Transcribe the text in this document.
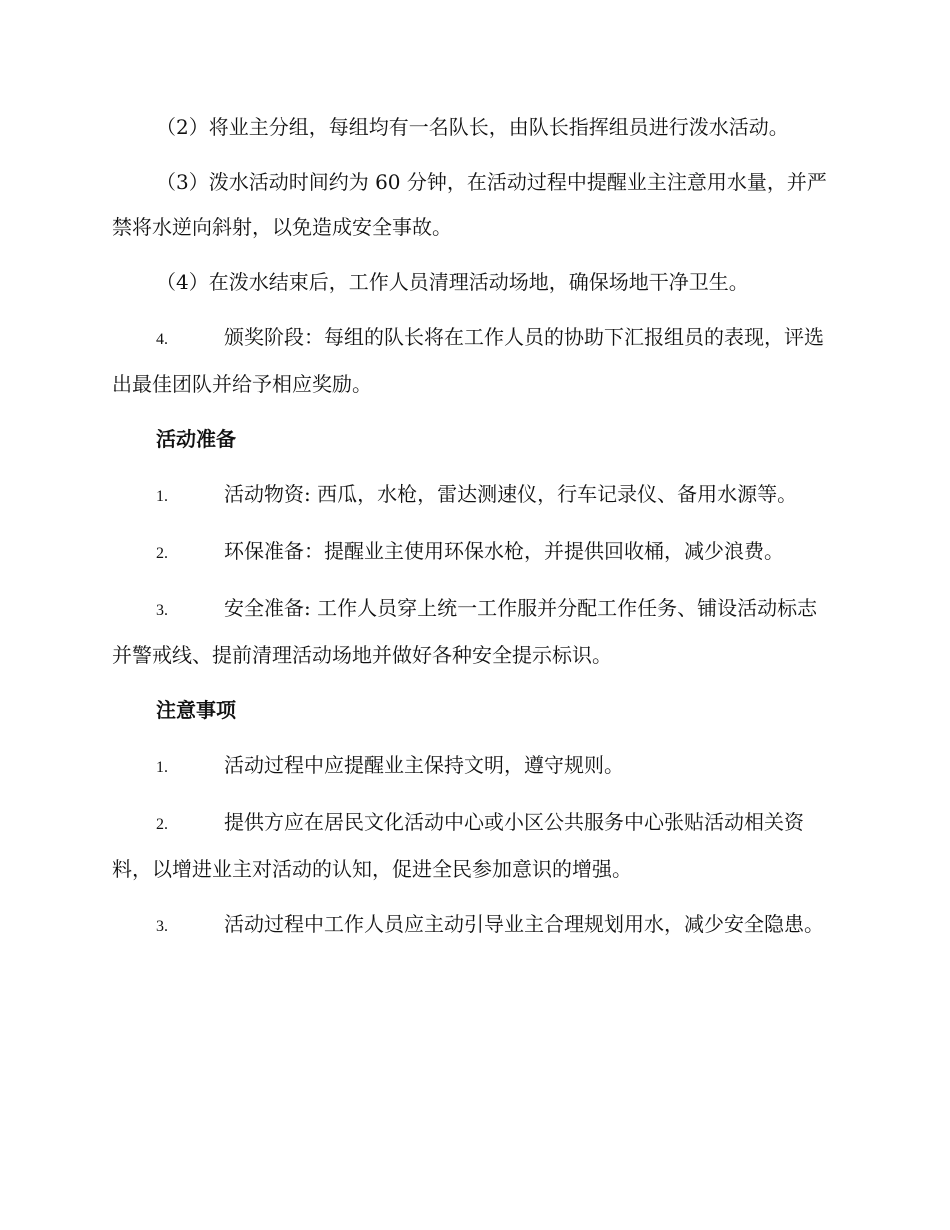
（2）将业主分组，每组均有一名队长，由队长指挥组员进行泼水活动。

（3）泼水活动时间约为 60 分钟，在活动过程中提醒业主注意用水量，并严禁将水逆向斜射，以免造成安全事故。

（4）在泼水结束后，工作人员清理活动场地，确保场地干净卫生。

4.	颁奖阶段：每组的队长将在工作人员的协助下汇报组员的表现，评选出最佳团队并给予相应奖励。

活动准备

1.	活动物资: 西瓜，水枪，雷达测速仪，行车记录仪、备用水源等。

2.	环保准备：提醒业主使用环保水枪，并提供回收桶，减少浪费。

3.	安全准备: 工作人员穿上统一工作服并分配工作任务、铺设活动标志并警戒线、提前清理活动场地并做好各种安全提示标识。

注意事项

1.	活动过程中应提醒业主保持文明，遵守规则。

2.	提供方应在居民文化活动中心或小区公共服务中心张贴活动相关资料，以增进业主对活动的认知，促进全民参加意识的增强。

3.	活动过程中工作人员应主动引导业主合理规划用水，减少安全隐患。
